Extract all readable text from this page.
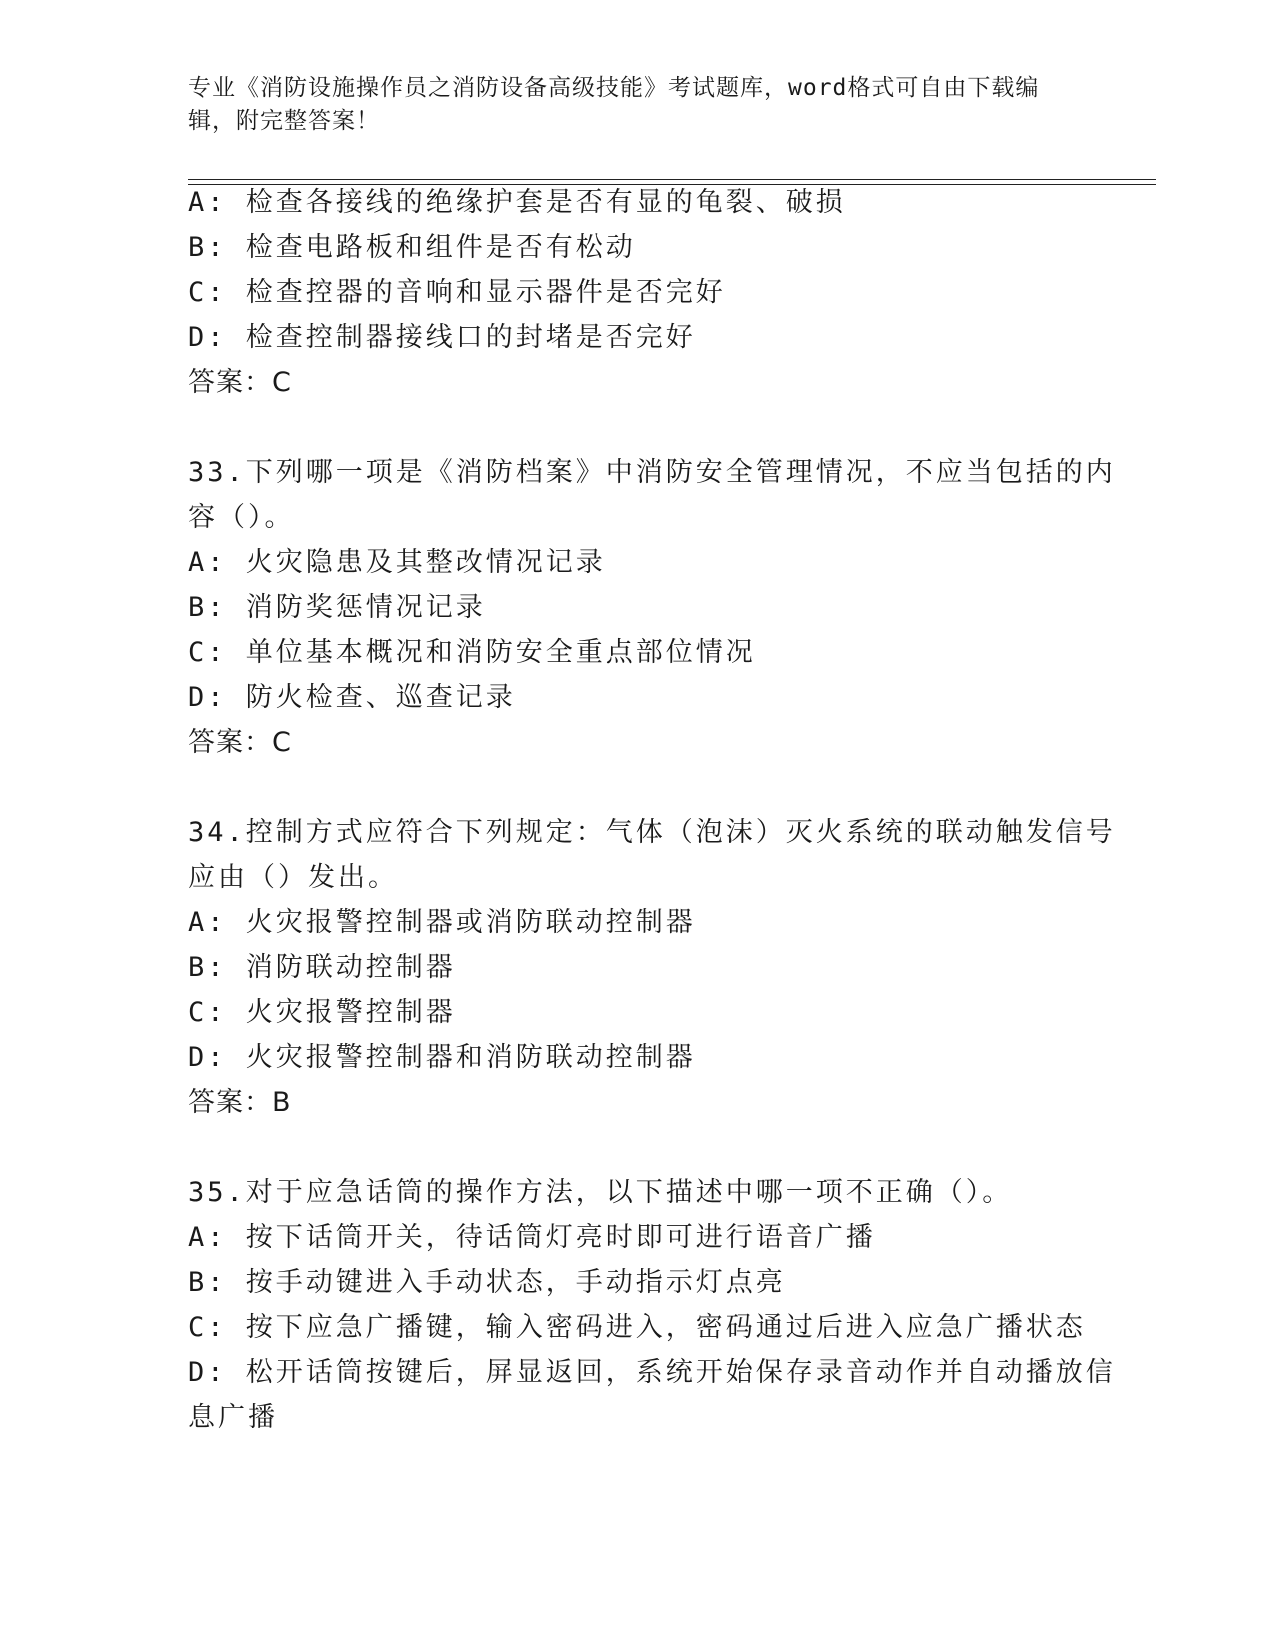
专业《消防设施操作员之消防设备高级技能》考试题库，word格式可自由下载编
辑，附完整答案！
A: 检查各接线的绝缘护套是否有显的龟裂、破损
B: 检查电路板和组件是否有松动
C: 检查控器的音响和显示器件是否完好
D: 检查控制器接线口的封堵是否完好
答案：C
33.下列哪一项是《消防档案》中消防安全管理情况，不应当包括的内
容（）。
A: 火灾隐患及其整改情况记录
B: 消防奖惩情况记录
C: 单位基本概况和消防安全重点部位情况
D: 防火检查、巡查记录
答案：C
34.控制方式应符合下列规定：气体（泡沫）灭火系统的联动触发信号
应由（）发出。
A: 火灾报警控制器或消防联动控制器
B: 消防联动控制器
C: 火灾报警控制器
D: 火灾报警控制器和消防联动控制器
答案：B
35.对于应急话筒的操作方法，以下描述中哪一项不正确（）。
A: 按下话筒开关，待话筒灯亮时即可进行语音广播
B: 按手动键进入手动状态，手动指示灯点亮
C: 按下应急广播键，输入密码进入，密码通过后进入应急广播状态
D: 松开话筒按键后，屏显返回，系统开始保存录音动作并自动播放信
息广播
